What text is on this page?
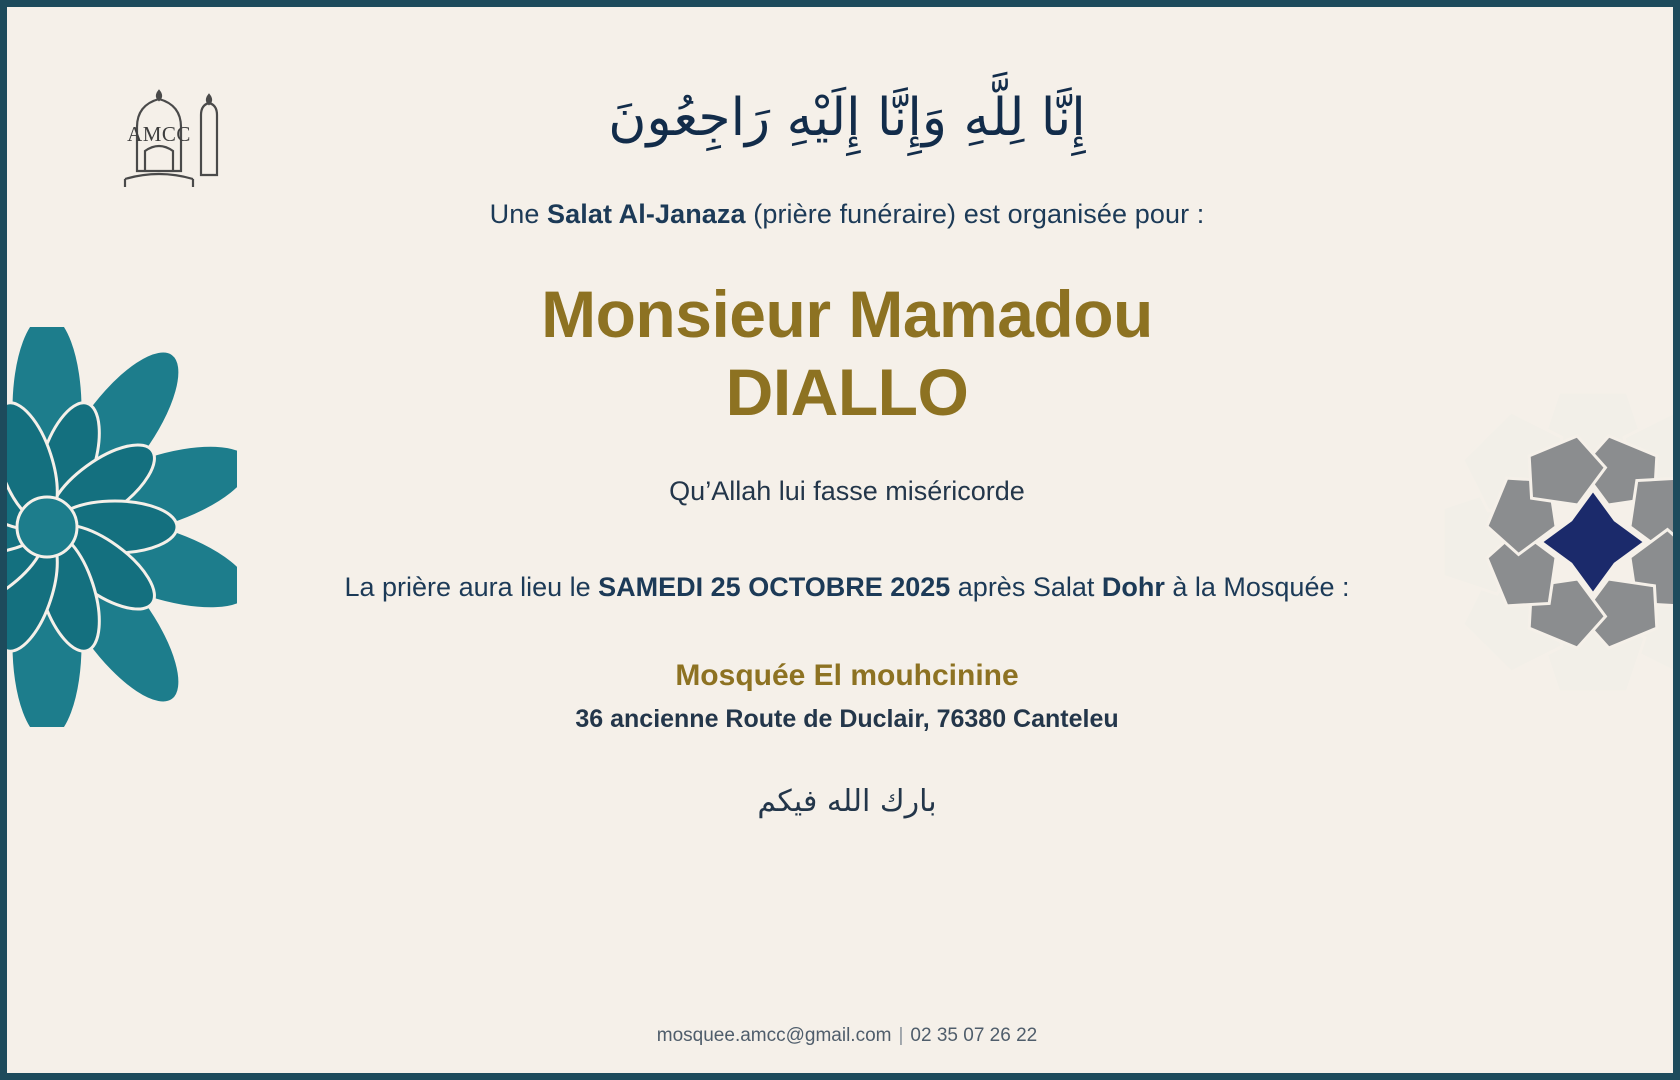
AMCC	إِنَّا لِلَّهِ وَإِنَّا إِلَيْهِ رَاجِعُونَ
Une Salat Al-Janaza (prière funéraire) est organisée pour :
Monsieur Mamadou
DIALLO
Qu’Allah lui fasse miséricorde
La prière aura lieu le SAMEDI 25 OCTOBRE 2025 après Salat Dohr à la Mosquée :
Mosquée El mouhcinine
36 ancienne Route de Duclair, 76380 Canteleu
بارك الله فيكم
mosquee.amcc@gmail.com | 02 35 07 26 22
